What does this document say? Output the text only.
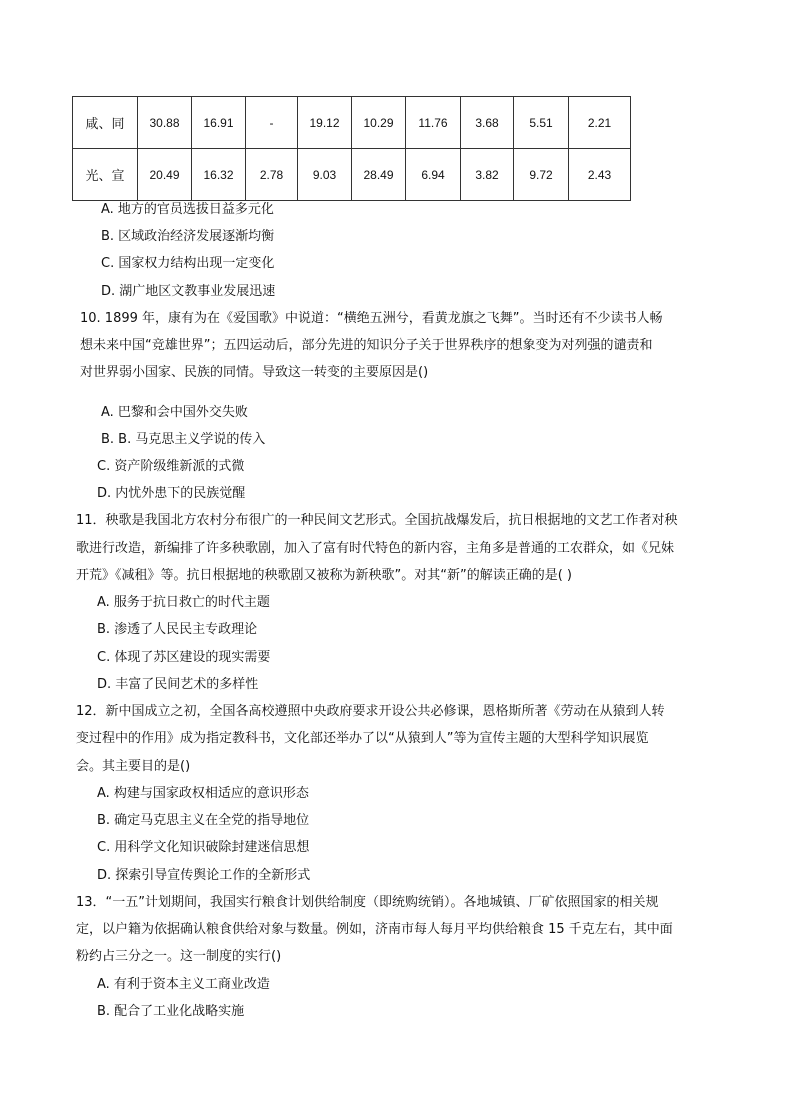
咸、同	30.88	16.91	-	19.12	10.29	11.76	3.68	5.51	2.21
光、宣	20.49	16.32	2.78	9.03	28.49	6.94	3.82	9.72	2.43
A. 地方的官员选拔日益多元化
B. 区域政治经济发展逐渐均衡
C. 国家权力结构出现一定变化
D. 湖广地区文教事业发展迅速
10. 1899 年，康有为在《爱国歌》中说道：“横绝五洲兮，看黄龙旗之飞舞”。当时还有不少读书人畅
想未来中国“竞雄世界”；五四运动后，部分先进的知识分子关于世界秩序的想象变为对列强的谴责和
对世界弱小国家、民族的同情。导致这一转变的主要原因是()
A. 巴黎和会中国外交失败
B. B. 马克思主义学说的传入
C. 资产阶级维新派的式微
D. 内忧外患下的民族觉醒
11．秧歌是我国北方农村分布很广的一种民间文艺形式。全国抗战爆发后，抗日根据地的文艺工作者对秧
歌进行改造，新编排了许多秧歌剧，加入了富有时代特色的新内容，主角多是普通的工农群众，如《兄妹
开荒》《减租》等。抗日根据地的秧歌剧又被称为新秧歌”。对其“新”的解读正确的是( )
A. 服务于抗日救亡的时代主题
B. 渗透了人民民主专政理论
C. 体现了苏区建设的现实需要
D. 丰富了民间艺术的多样性
12．新中国成立之初，全国各高校遵照中央政府要求开设公共必修课，恩格斯所著《劳动在从猿到人转
变过程中的作用》成为指定教科书，文化部还举办了以“从猿到人”等为宣传主题的大型科学知识展览
会。其主要目的是()
A. 构建与国家政权相适应的意识形态
B. 确定马克思主义在全党的指导地位
C. 用科学文化知识破除封建迷信思想
D. 探索引导宣传舆论工作的全新形式
13．“一五”计划期间，我国实行粮食计划供给制度（即统购统销）。各地城镇、厂矿依照国家的相关规
定，以户籍为依据确认粮食供给对象与数量。例如，济南市每人每月平均供给粮食 15 千克左右，其中面
粉约占三分之一。这一制度的实行()
A. 有利于资本主义工商业改造
B. 配合了工业化战略实施
